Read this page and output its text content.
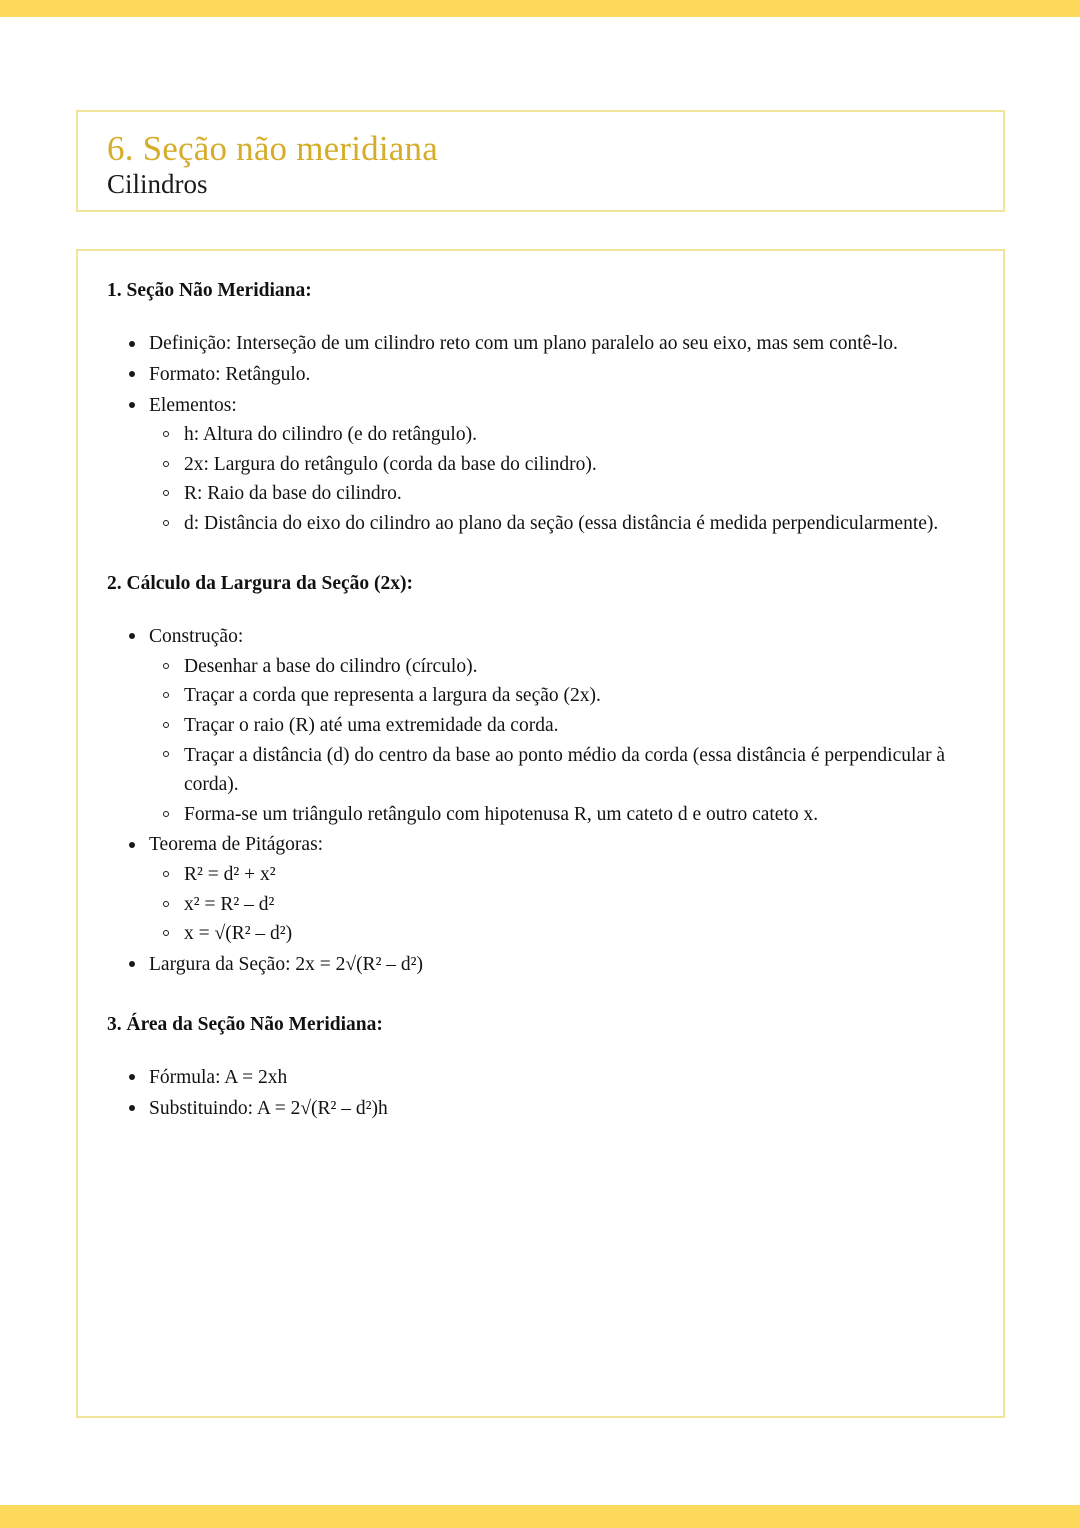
6. Seção não meridiana
Cilindros
1. Seção Não Meridiana:
Definição: Interseção de um cilindro reto com um plano paralelo ao seu eixo, mas sem contê-lo.
Formato: Retângulo.
Elementos:
h: Altura do cilindro (e do retângulo).
2x: Largura do retângulo (corda da base do cilindro).
R: Raio da base do cilindro.
d: Distância do eixo do cilindro ao plano da seção (essa distância é medida perpendicularmente).
2. Cálculo da Largura da Seção (2x):
Construção:
Desenhar a base do cilindro (círculo).
Traçar a corda que representa a largura da seção (2x).
Traçar o raio (R) até uma extremidade da corda.
Traçar a distância (d) do centro da base ao ponto médio da corda (essa distância é perpendicular à corda).
Forma-se um triângulo retângulo com hipotenusa R, um cateto d e outro cateto x.
Teorema de Pitágoras:
R² = d² + x²
x² = R² – d²
x = √(R² – d²)
Largura da Seção: 2x = 2√(R² – d²)
3. Área da Seção Não Meridiana:
Fórmula: A = 2xh
Substituindo: A = 2√(R² – d²)h
